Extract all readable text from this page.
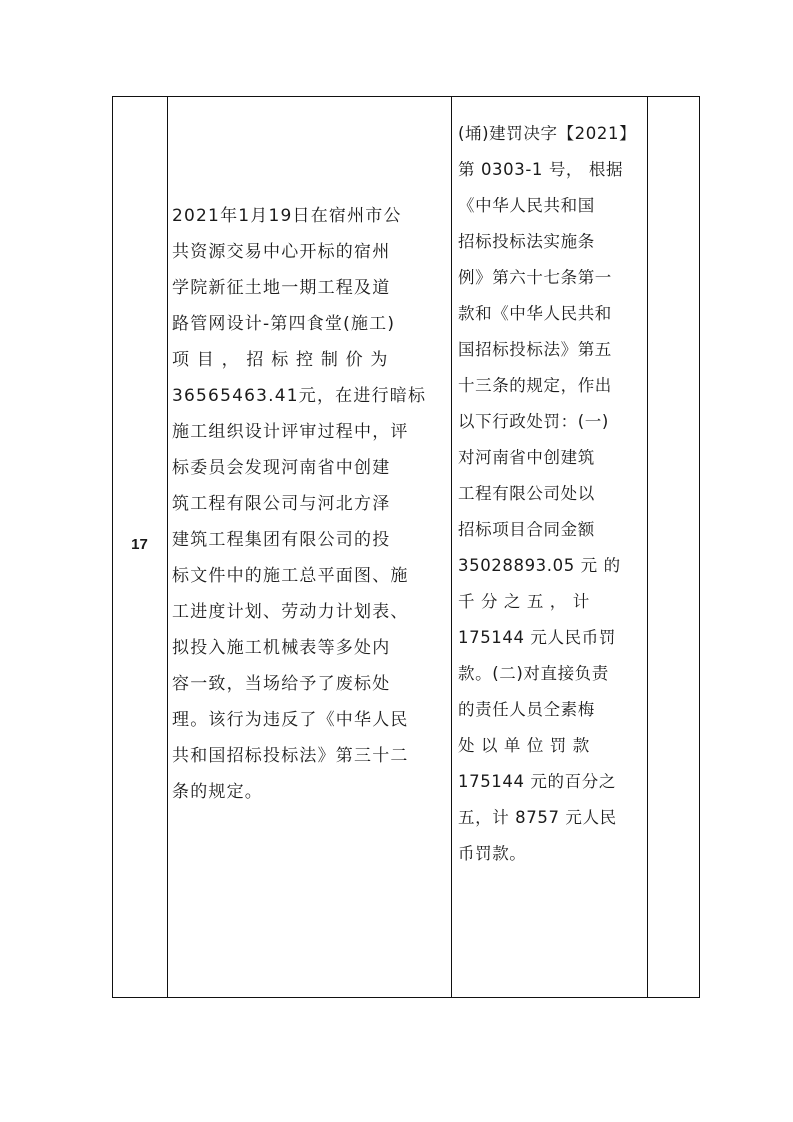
17
2021年1月19日在宿州市公
共资源交易中心开标的宿州
学院新征土地一期工程及道
路管网设计-第四食堂(施工)
项 目 ， 招 标 控 制 价 为
36565463.41元，在进行暗标
施工组织设计评审过程中，评
标委员会发现河南省中创建
筑工程有限公司与河北方泽
建筑工程集团有限公司的投
标文件中的施工总平面图、施
工进度计划、劳动力计划表、
拟投入施工机械表等多处内
容一致，当场给予了废标处
理。该行为违反了《中华人民
共和国招标投标法》第三十二
条的规定。
(埇)建罚决字【2021】
第 0303-1 号， 根据
《中华人民共和国
招标投标法实施条
例》第六十七条第一
款和《中华人民共和
国招标投标法》第五
十三条的规定，作出
以下行政处罚：(一)
对河南省中创建筑
工程有限公司处以
招标项目合同金额
35028893.05 元 的
千 分 之 五 ， 计
175144 元人民币罚
款。(二)对直接负责
的责任人员仝素梅
处 以 单 位 罚 款
175144 元的百分之
五，计 8757 元人民
币罚款。
